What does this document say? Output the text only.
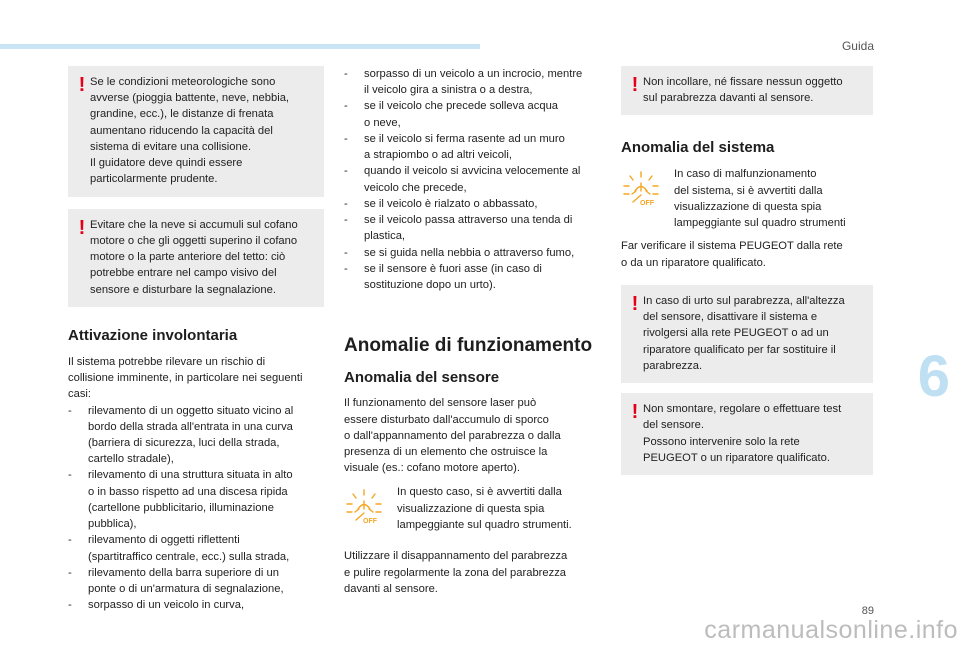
Guida
6
89
carmanualsonline.info
! Se le condizioni meteorologiche sono
avverse (pioggia battente, neve, nebbia,
grandine, ecc.), le distanze di frenata
aumentano riducendo la capacità del
sistema di evitare una collisione.
Il guidatore deve quindi essere
particolarmente prudente.
! Evitare che la neve si accumuli sul cofano
motore o che gli oggetti superino il cofano
motore o la parte anteriore del tetto: ciò
potrebbe entrare nel campo visivo del
sensore e disturbare la segnalazione.
Attivazione involontaria
Il sistema potrebbe rilevare un rischio di
collisione imminente, in particolare nei seguenti
casi:
- rilevamento di un oggetto situato vicino al
bordo della strada all'entrata in una curva
(barriera di sicurezza, luci della strada,
cartello stradale),
- rilevamento di una struttura situata in alto
o in basso rispetto ad una discesa ripida
(cartellone pubblicitario, illuminazione
pubblica),
- rilevamento di oggetti riflettenti
(spartitraffico centrale, ecc.) sulla strada,
- rilevamento della barra superiore di un
ponte o di un'armatura di segnalazione,
- sorpasso di un veicolo in curva,
- sorpasso di un veicolo a un incrocio, mentre
il veicolo gira a sinistra o a destra,
- se il veicolo che precede solleva acqua
o neve,
- se il veicolo si ferma rasente ad un muro
a strapiombo o ad altri veicoli,
- quando il veicolo si avvicina velocemente al
veicolo che precede,
- se il veicolo è rialzato o abbassato,
- se il veicolo passa attraverso una tenda di
plastica,
- se si guida nella nebbia o attraverso fumo,
- se il sensore è fuori asse (in caso di
sostituzione dopo un urto).
Anomalie di funzionamento
Anomalia del sensore
Il funzionamento del sensore laser può
essere disturbato dall'accumulo di sporco
o dall'appannamento del parabrezza o dalla
presenza di un elemento che ostruisce la
visuale (es.: cofano motore aperto).
OFF
In questo caso, si è avvertiti dalla
visualizzazione di questa spia
lampeggiante sul quadro strumenti.
Utilizzare il disappannamento del parabrezza
e pulire regolarmente la zona del parabrezza
davanti al sensore.
! Non incollare, né fissare nessun oggetto
sul parabrezza davanti al sensore.
Anomalia del sistema
OFF
In caso di malfunzionamento
del sistema, si è avvertiti dalla
visualizzazione di questa spia
lampeggiante sul quadro strumenti
Far verificare il sistema PEUGEOT dalla rete
o da un riparatore qualificato.
! In caso di urto sul parabrezza, all'altezza
del sensore, disattivare il sistema e
rivolgersi alla rete PEUGEOT o ad un
riparatore qualificato per far sostituire il
parabrezza.
! Non smontare, regolare o effettuare test
del sensore.
Possono intervenire solo la rete
PEUGEOT o un riparatore qualificato.
